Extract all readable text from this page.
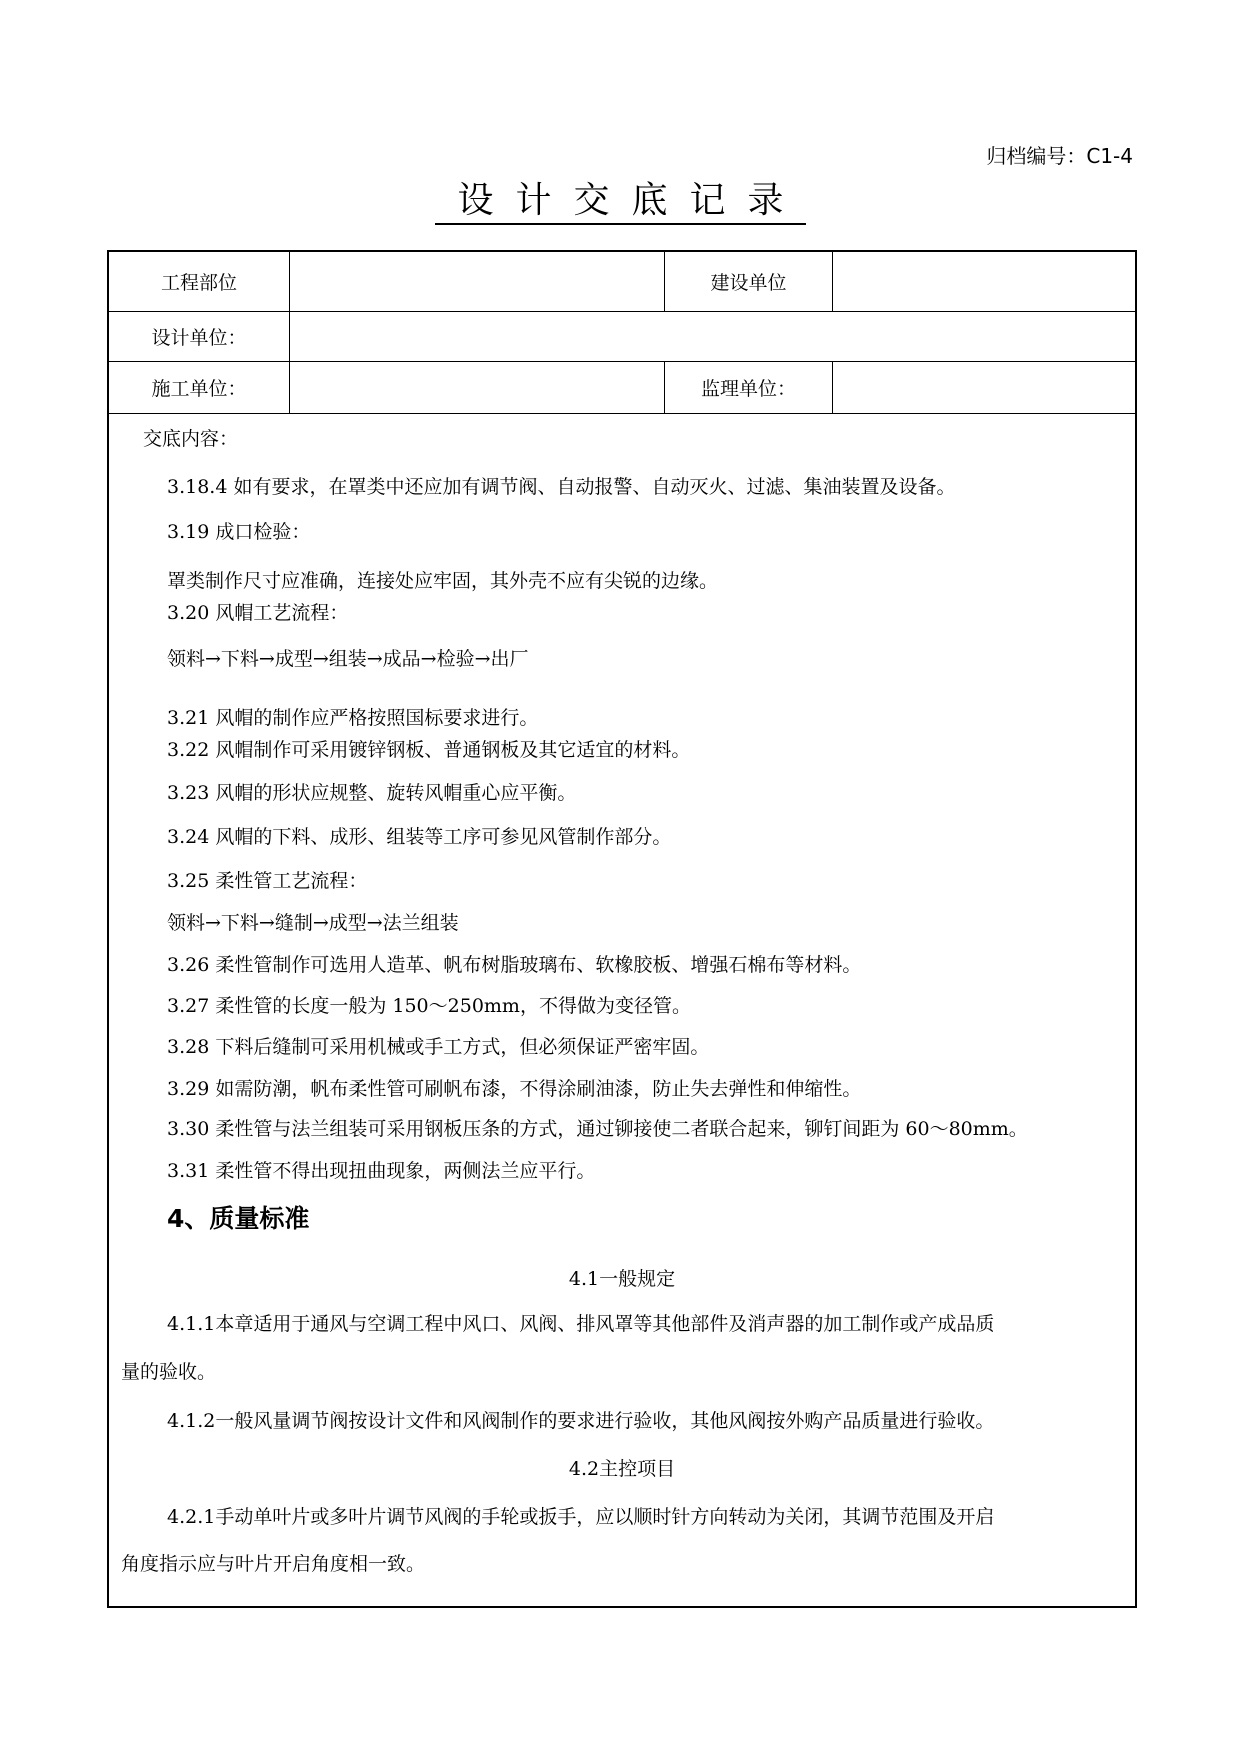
归档编号：C1-4
设计交底记录
工程部位	建设单位
设计单位：
施工单位：	监理单位：
交底内容：
3.18.4 如有要求，在罩类中还应加有调节阀、自动报警、自动灭火、过滤、集油装置及设备。
3.19 成口检验：
罩类制作尺寸应准确，连接处应牢固，其外壳不应有尖锐的边缘。
3.20 风帽工艺流程：
领料→下料→成型→组装→成品→检验→出厂
3.21 风帽的制作应严格按照国标要求进行。
3.22 风帽制作可采用镀锌钢板、普通钢板及其它适宜的材料。
3.23 风帽的形状应规整、旋转风帽重心应平衡。
3.24 风帽的下料、成形、组装等工序可参见风管制作部分。
3.25 柔性管工艺流程：
领料→下料→缝制→成型→法兰组装
3.26 柔性管制作可选用人造革、帆布树脂玻璃布、软橡胶板、增强石棉布等材料。
3.27 柔性管的长度一般为 150～250mm，不得做为变径管。
3.28 下料后缝制可采用机械或手工方式，但必须保证严密牢固。
3.29 如需防潮，帆布柔性管可刷帆布漆，不得涂刷油漆，防止失去弹性和伸缩性。
3.30 柔性管与法兰组装可采用钢板压条的方式，通过铆接使二者联合起来，铆钉间距为 60～80mm。
3.31 柔性管不得出现扭曲现象，两侧法兰应平行。
4、质量标准
4.1一般规定
4.1.1本章适用于通风与空调工程中风口、风阀、排风罩等其他部件及消声器的加工制作或产成品质
量的验收。
4.1.2一般风量调节阀按设计文件和风阀制作的要求进行验收，其他风阀按外购产品质量进行验收。
4.2主控项目
4.2.1手动单叶片或多叶片调节风阀的手轮或扳手，应以顺时针方向转动为关闭，其调节范围及开启
角度指示应与叶片开启角度相一致。
